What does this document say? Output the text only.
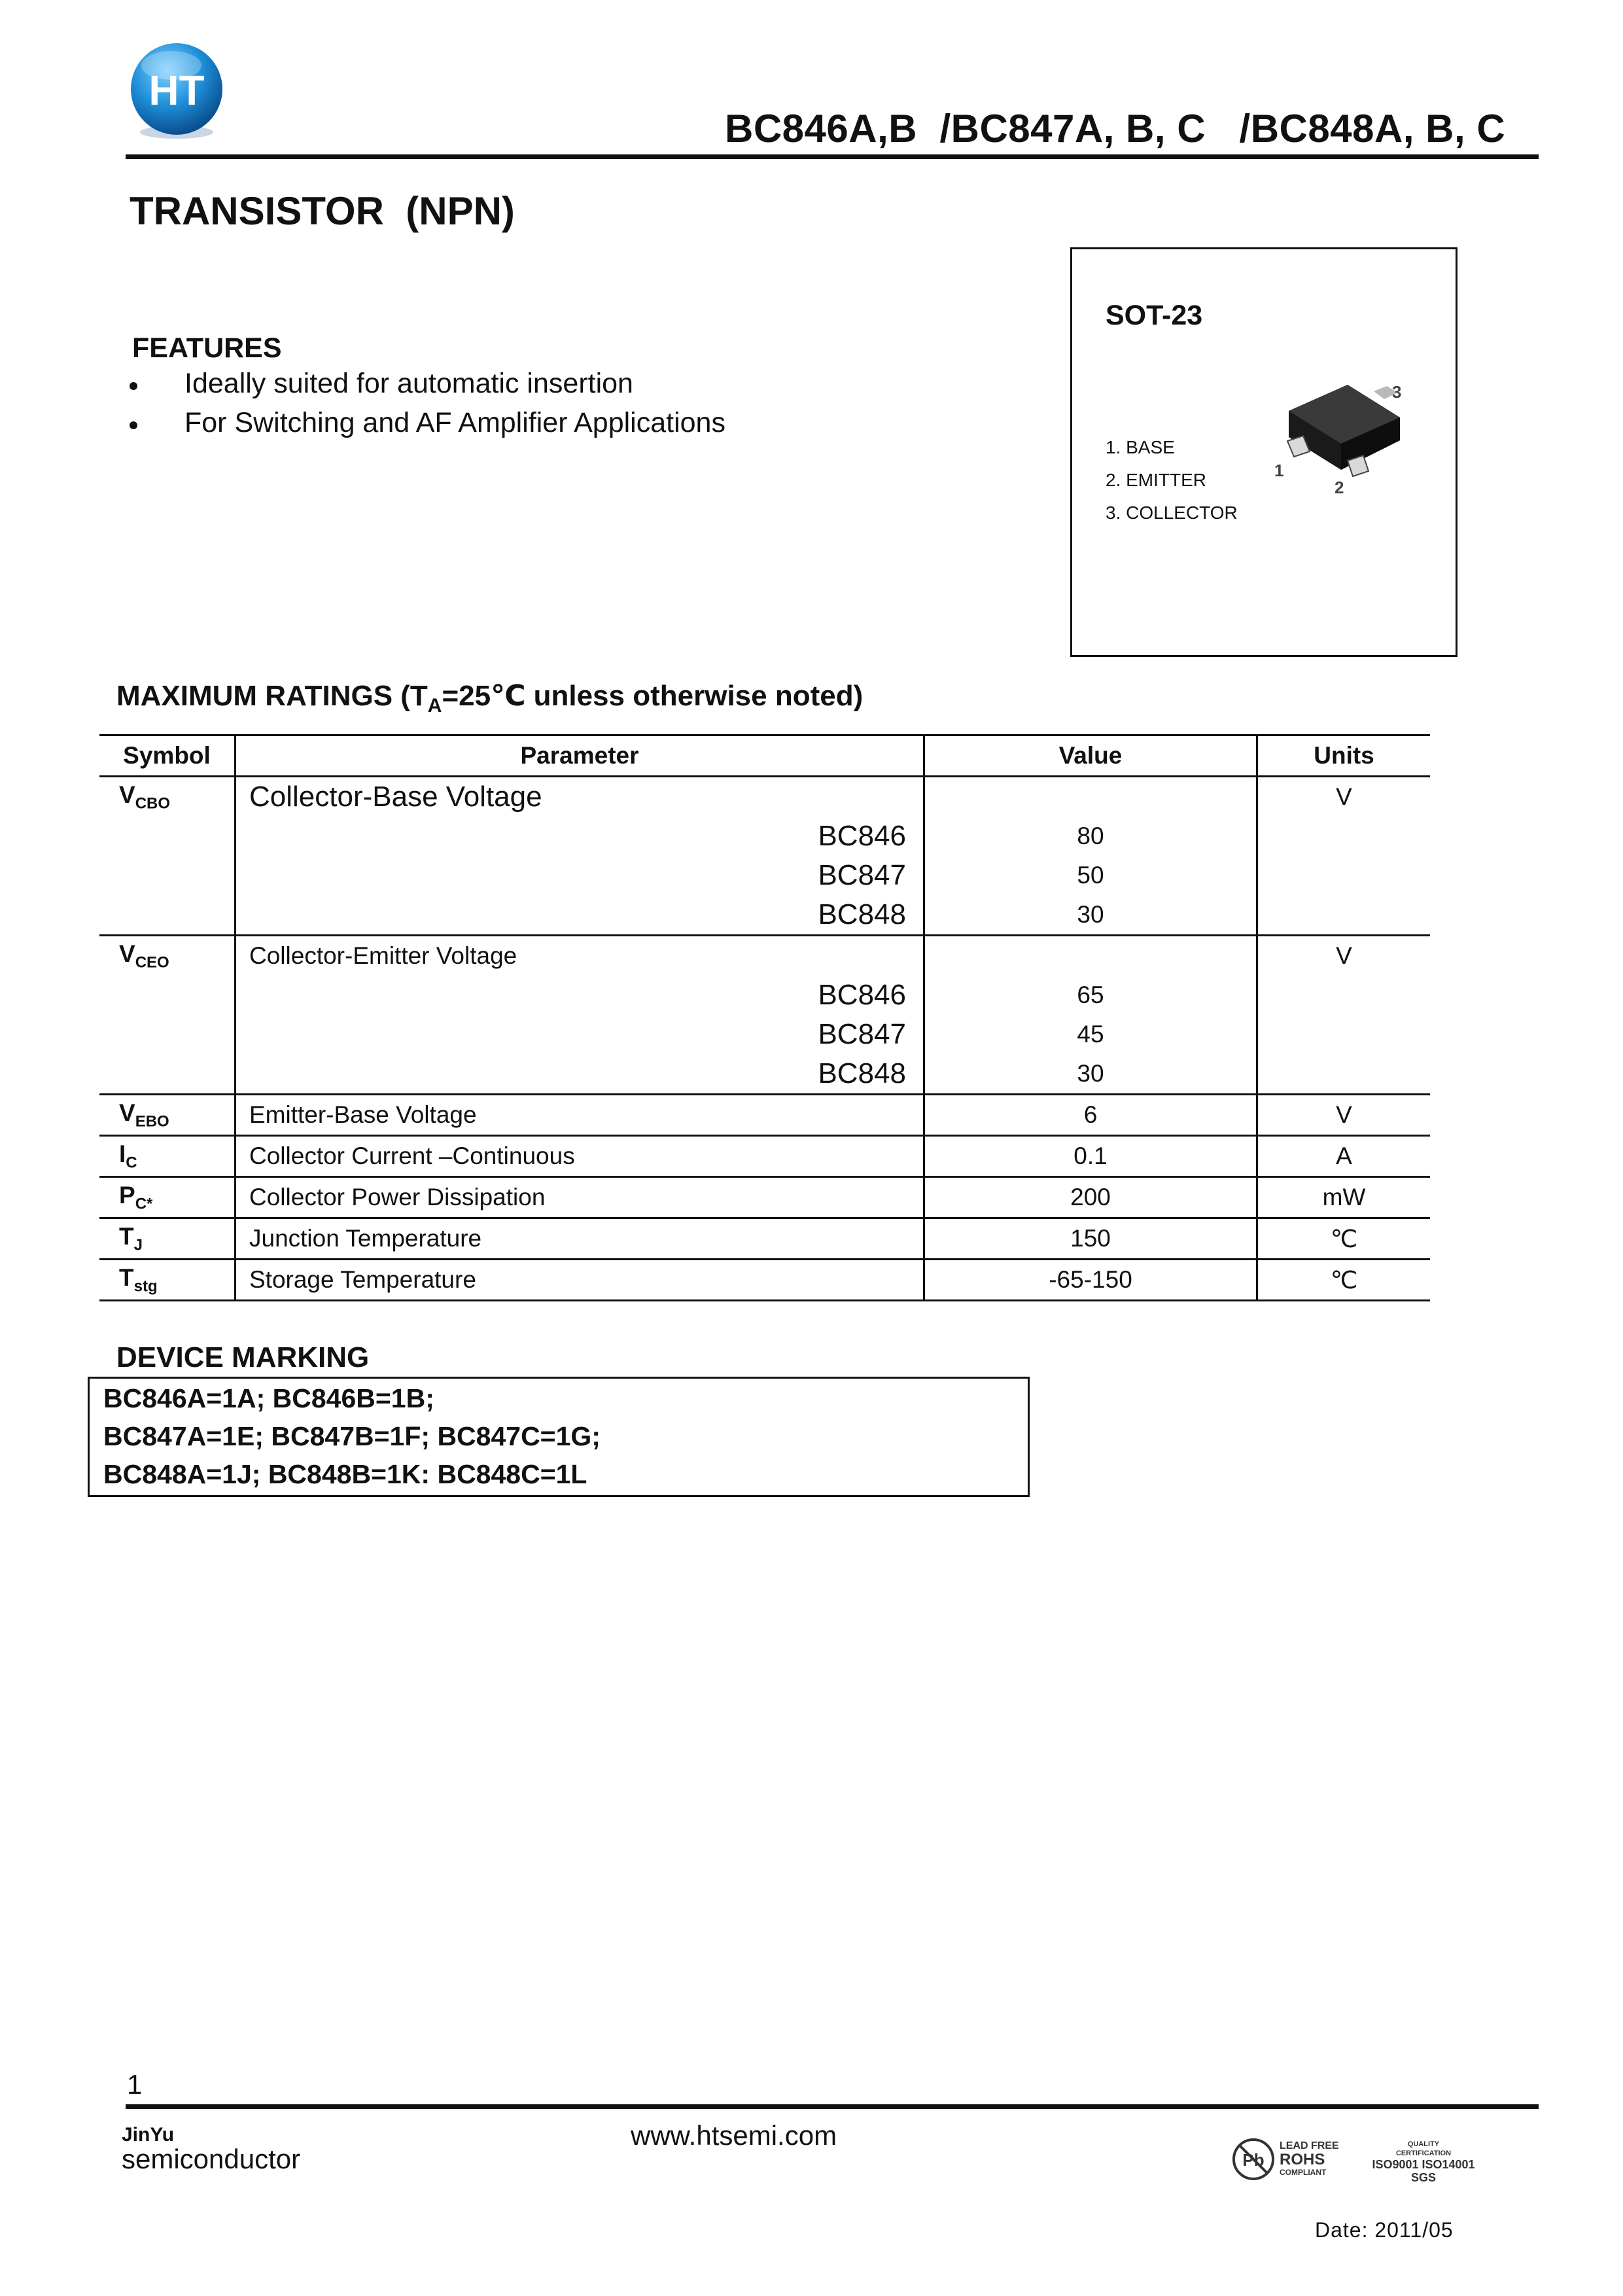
HT
BC846A,B  /BC847A, B, C   /BC848A, B, C
TRANSISTOR  (NPN)
FEATURES
Ideally suited for automatic insertion
For Switching and AF Amplifier Applications
SOT-23
1. BASE
2. EMITTER
3. COLLECTOR
1
2
3
MAXIMUM RATINGS ($T_A=25℃$ unless otherwise noted)
Symbol	Parameter	Value	Units
$V_{CBO}$	Collector-Base Voltage		V
	BC846	80	
	BC847	50	
	BC848	30	
$V_{CEO}$	Collector-Emitter Voltage		V
	BC846	65	
	BC847	45	
	BC848	30	
$V_{EBO}$	Emitter-Base Voltage	6	V
$I_C$	Collector Current –Continuous	0.1	A
$P_{C*}$	Collector Power Dissipation	200	mW
$T_J$	Junction Temperature	150	℃
$T_{stg}$	Storage Temperature	-65-150	℃
DEVICE MARKING
BC846A=1A; BC846B=1B;
BC847A=1E; BC847B=1F; BC847C=1G;
BC848A=1J; BC848B=1K: BC848C=1L
1
JinYu
semiconductor
www.htsemi.com
Pb
LEAD FREE
ROHS
COMPLIANT
QUALITY
CERTIFICATION
ISO9001 ISO14001
SGS
Date: 2011/05
